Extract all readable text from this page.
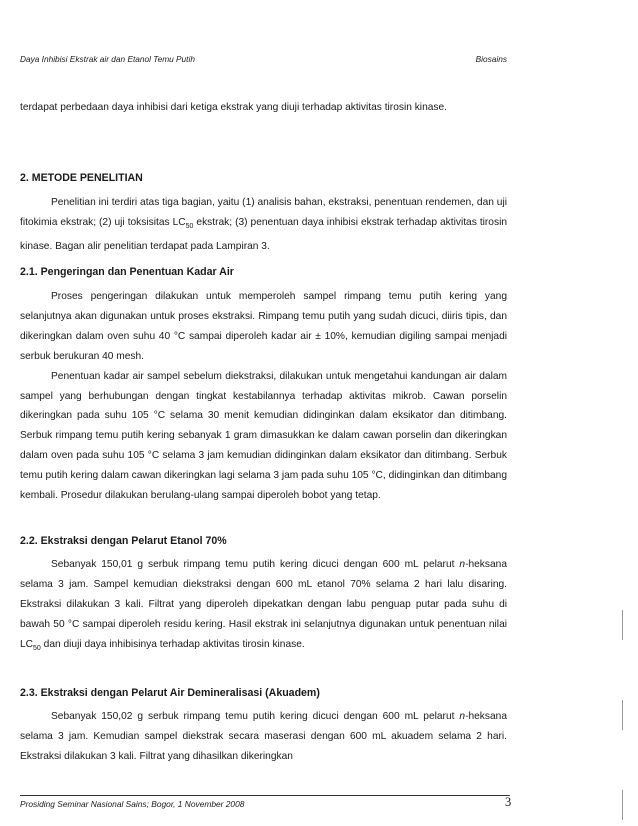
Daya Inhibisi Ekstrak air dan Etanol Temu Putih	Biosains

terdapat perbedaan daya inhibisi dari ketiga ekstrak yang diuji terhadap aktivitas tirosin kinase.

2. METODE PENELITIAN

Penelitian ini terdiri atas tiga bagian, yaitu (1) analisis bahan, ekstraksi, penentuan rendemen, dan uji fitokimia ekstrak; (2) uji toksisitas $LC_{50}$ ekstrak; (3) penentuan daya inhibisi ekstrak terhadap aktivitas tirosin kinase. Bagan alir penelitian terdapat pada Lampiran 3.

2.1. Pengeringan dan Penentuan Kadar Air

Proses pengeringan dilakukan untuk memperoleh sampel rimpang temu putih kering yang selanjutnya akan digunakan untuk proses ekstraksi. Rimpang temu putih yang sudah dicuci, diiris tipis, dan dikeringkan dalam oven suhu 40 °C sampai diperoleh kadar air ± 10%, kemudian digiling sampai menjadi serbuk berukuran 40 mesh.

Penentuan kadar air sampel sebelum diekstraksi, dilakukan untuk mengetahui kandungan air dalam sampel yang berhubungan dengan tingkat kestabilannya terhadap aktivitas mikrob. Cawan porselin dikeringkan pada suhu 105 °C selama 30 menit kemudian didinginkan dalam eksikator dan ditimbang. Serbuk rimpang temu putih kering sebanyak 1 gram dimasukkan ke dalam cawan porselin dan dikeringkan dalam oven pada suhu 105 °C selama 3 jam kemudian didinginkan dalam eksikator dan ditimbang. Serbuk temu putih kering dalam cawan dikeringkan lagi selama 3 jam pada suhu 105 °C, didinginkan dan ditimbang kembali. Prosedur dilakukan berulang-ulang sampai diperoleh bobot yang tetap.

2.2. Ekstraksi dengan Pelarut Etanol 70%

Sebanyak 150,01 g serbuk rimpang temu putih kering dicuci dengan 600 mL pelarut n-heksana selama 3 jam. Sampel kemudian diekstraksi dengan 600 mL etanol 70% selama 2 hari lalu disaring. Ekstraksi dilakukan 3 kali. Filtrat yang diperoleh dipekatkan dengan labu penguap putar pada suhu di bawah 50 °C sampai diperoleh residu kering. Hasil ekstrak ini selanjutnya digunakan untuk penentuan nilai $LC_{50}$ dan diuji daya inhibisinya terhadap aktivitas tirosin kinase.

2.3. Ekstraksi dengan Pelarut Air Demineralisasi (Akuadem)

Sebanyak 150,02 g serbuk rimpang temu putih kering dicuci dengan 600 mL pelarut n-heksana selama 3 jam. Kemudian sampel diekstrak secara maserasi dengan 600 mL akuadem selama 2 hari. Ekstraksi dilakukan 3 kali. Filtrat yang dihasilkan dikeringkan

Prosiding Seminar Nasional Sains; Bogor, 1 November 2008	3
